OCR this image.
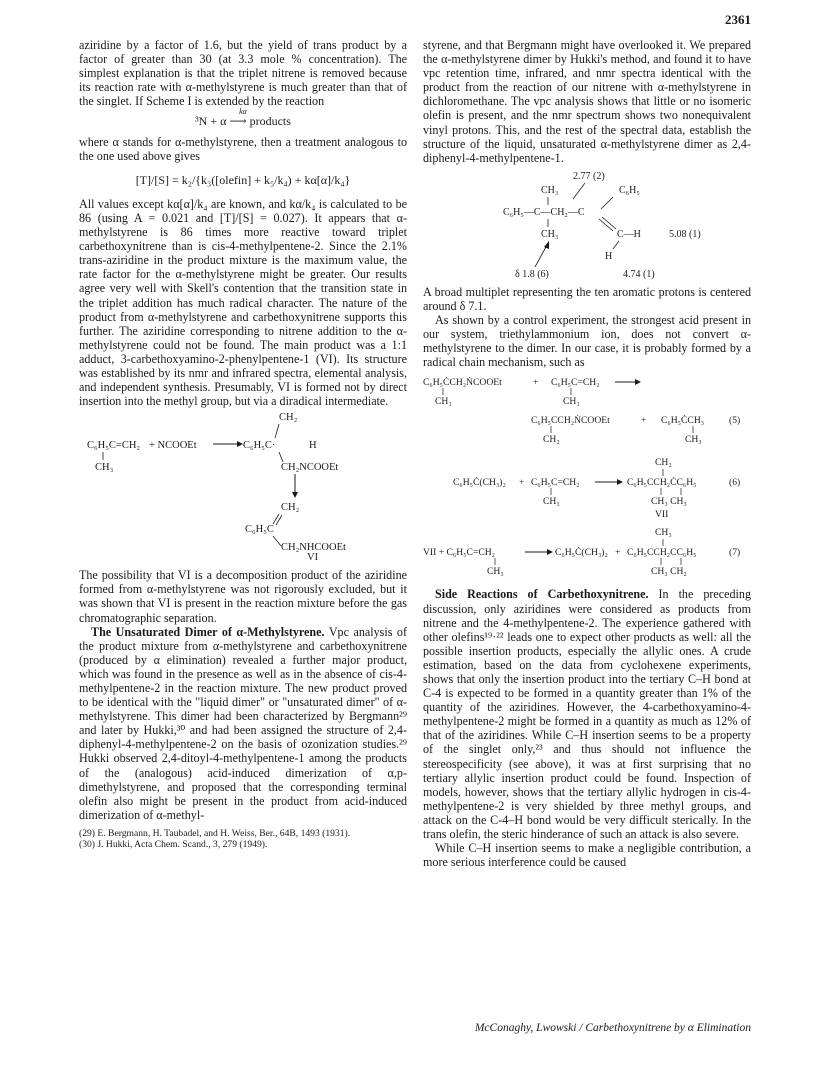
2361

aziridine by a factor of 1.6, but the yield of trans product by a factor of greater than 30 (at 3.3 mole % concentration). The simplest explanation is that the triplet nitrene is removed because its reaction rate with α-methylstyrene is much greater than that of the singlet. If Scheme I is extended by the reaction

kα
³N + α ⟶ products

where α stands for α-methylstyrene, then a treatment analogous to the one used above gives

[T]/[S] = k₂/{k₃([olefin] + k₅/k₄) + kα[α]/k₄}

All values except kα[α]/k₄ are known, and kα/k₄ is calculated to be 86 (using A = 0.021 and [T]/[S] = 0.027). It appears that α-methylstyrene is 86 times more reactive toward triplet carbethoxynitrene than is cis-4-methylpentene-2. Since the 2.1% trans-aziridine in the product mixture is the maximum value, the rate factor for the α-methylstyrene might be greater. Our results agree very well with Skell's contention that the transition state in the triplet addition has much radical character. The nature of the product from α-methylstyrene and carbethoxynitrene supports this further. The aziridine corresponding to nitrene addition to the α-methylstyrene could not be found. The main product was a 1:1 adduct, 3-carbethoxyamino-2-phenylpentene-1 (VI). Its structure was established by its nmr and infrared spectra, elemental analysis, and independent synthesis. Presumably, VI is formed not by direct insertion into the methyl group, but via a diradical intermediate.

C₆H₅C=CH₂
CH₃
+ NCOOEt	C₆H₅C·
CH₂
H
CH₂NCOOEt
CH₂
C₆H₅C
CH₂NHCOOEt
VI

The possibility that VI is a decomposition product of the aziridine formed from α-methylstyrene was not rigorously excluded, but it was shown that VI is present in the reaction mixture before the gas chromatographic separation.

The Unsaturated Dimer of α-Methylstyrene. Vpc analysis of the product mixture from α-methylstyrene and carbethoxynitrene (produced by α elimination) revealed a further major product, which was found in the presence as well as in the absence of cis-4-methylpentene-2 in the reaction mixture. The new product proved to be identical with the "liquid dimer" or "unsaturated dimer" of α-methylstyrene. This dimer had been characterized by Bergmann²⁹ and later by Hukki,³⁰ and had been assigned the structure of 2,4-diphenyl-4-methylpentene-2 on the basis of ozonization studies.²⁹ Hukki observed 2,4-ditoyl-4-methylpentene-1 among the products of the (analogous) acid-induced dimerization of α,p-dimethylstyrene, and proposed that the corresponding terminal olefin also might be present in the product from acid-induced dimerization of α-methyl-

(29) E. Bergmann, H. Taubadel, and H. Weiss, Ber., 64B, 1493 (1931).
(30) J. Hukki, Acta Chem. Scand., 3, 279 (1949).

styrene, and that Bergmann might have overlooked it. We prepared the α-methylstyrene dimer by Hukki's method, and found it to have vpc retention time, infrared, and nmr spectra identical with the product from the reaction of our nitrene with α-methylstyrene in dichloromethane. The vpc analysis shows that little or no isomeric olefin is present, and the nmr spectrum shows two nonequivalent vinyl protons. This, and the rest of the spectral data, establish the structure of the liquid, unsaturated α-methylstyrene dimer as 2,4-diphenyl-4-methylpentene-1.

2.77 (2)
CH₃	C₆H₅
C₆H₅—C—CH₂—C
CH₃	C—H	5.08 (1)
H
δ 1.8 (6)	4.74 (1)

A broad multiplet representing the ten aromatic protons is centered around δ 7.1.

As shown by a control experiment, the strongest acid present in our system, triethylammonium ion, does not convert α-methylstyrene to the dimer. In our case, it is probably formed by a radical chain mechanism, such as

C₆H₅ĊCH₂ṄCOOEt
CH₃
+ C₆H₅C=CH₂
CH₃
C₆H₅CCH₂ṄCOOEt
CH₂
+ C₆H₅ĊCH₃
CH₃
(5)
CH₂
C₆H₅Ċ(CH₃)₂ + C₆H₅C=CH₂
CH₃
C₆H₅CCH₂ĊC₆H₅
CH₃ CH₃
VII
(6)
CH₃
VII + C₆H₅C=CH₂
CH₃
C₆H₅Ċ(CH₃)₂ + C₆H₅CCH₂CC₆H₅
CH₃ CH₂
(7)

Side Reactions of Carbethoxynitrene. In the preceding discussion, only aziridines were considered as products from nitrene and the 4-methylpentene-2. The experience gathered with other olefins¹⁹·²² leads one to expect other products as well: all the possible insertion products, especially the allylic ones. A crude estimation, based on the data from cyclohexene experiments, shows that only the insertion product into the tertiary C–H bond at C-4 is expected to be formed in a quantity greater than 1% of the quantity of the aziridines. However, the 4-carbethoxyamino-4-methylpentene-2 might be formed in a quantity as much as 12% of that of the aziridines. While C–H insertion seems to be a property of the singlet only,²³ and thus should not influence the stereospecificity (see above), it was at first surprising that no tertiary allylic insertion product could be found. Inspection of models, however, shows that the tertiary allylic hydrogen in cis-4-methylpentene-2 is very shielded by three methyl groups, and attack on the C-4–H bond would be very difficult sterically. In the trans olefin, the steric hinderance of such an attack is also severe.

While C–H insertion seems to make a negligible contribution, a more serious interference could be caused

McConaghy, Lwowski / Carbethoxynitrene by α Elimination
